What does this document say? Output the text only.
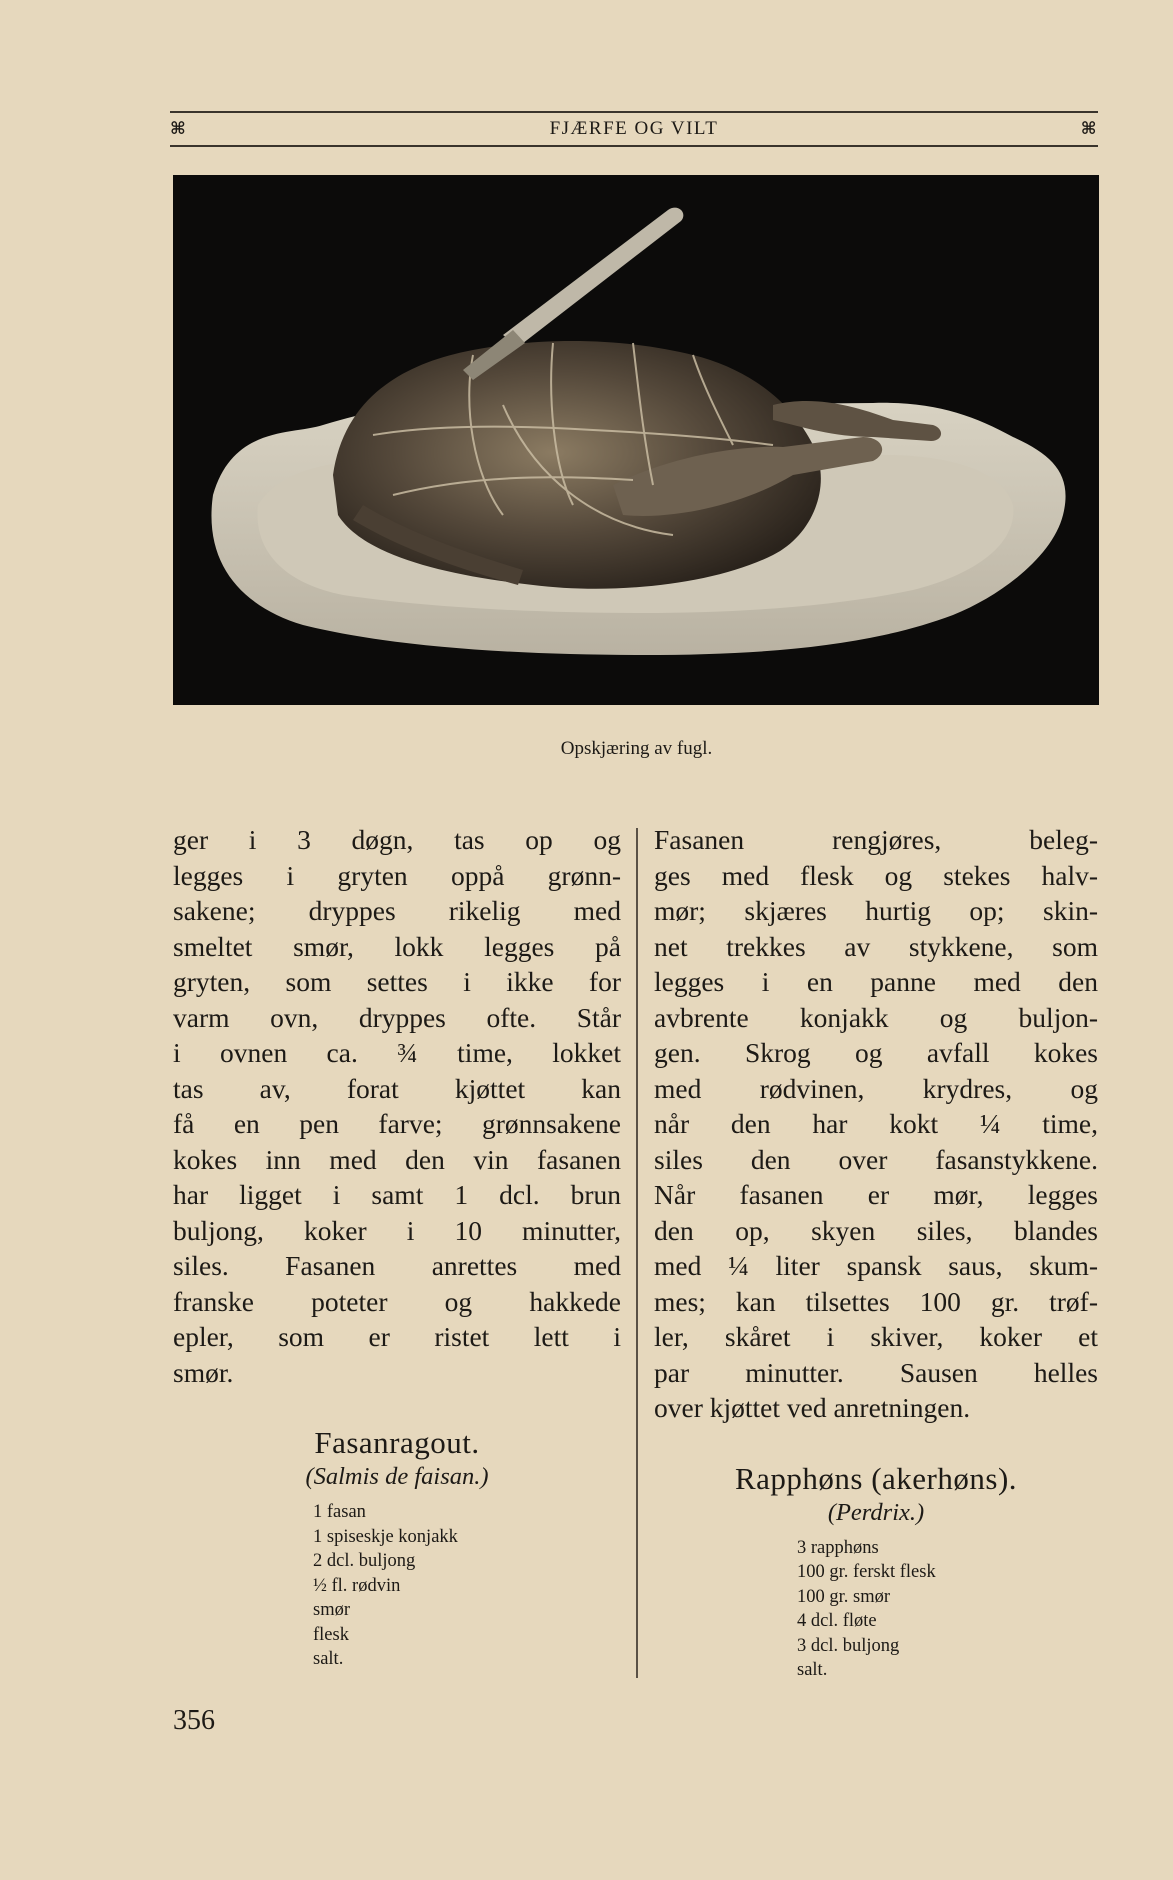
⌘	FJÆRFE OG VILT	⌘
Opskjæring av fugl.
ger i 3 døgn, tas op og
legges i gryten oppå grønn-
sakene; dryppes rikelig med
smeltet smør, lokk legges på
gryten, som settes i ikke for
varm ovn, dryppes ofte. Står
i ovnen ca. ¾ time, lokket
tas av, forat kjøttet kan
få en pen farve; grønnsakene
kokes inn med den vin fasanen
har ligget i samt 1 dcl. brun
buljong, koker i 10 minutter,
siles. Fasanen anrettes med
franske poteter og hakkede
epler, som er ristet lett i
smør.
Fasanragout.

(Salmis de faisan.)

1 fasan
1 spiseskje konjakk
2 dcl. buljong
½ fl. rødvin
smør
flesk
salt.
Fasanen rengjøres, beleg-
ges med flesk og stekes halv-
mør; skjæres hurtig op; skin-
net trekkes av stykkene, som
legges i en panne med den
avbrente konjakk og buljon-
gen. Skrog og avfall kokes
med rødvinen, krydres, og
når den har kokt ¼ time,
siles den over fasanstykkene.
Når fasanen er mør, legges
den op, skyen siles, blandes
med ¼ liter spansk saus, skum-
mes; kan tilsettes 100 gr. trøf-
ler, skåret i skiver, koker et
par minutter. Sausen helles
over kjøttet ved anretningen.
Rapphøns (akerhøns).

(Perdrix.)

3 rapphøns
100 gr. ferskt flesk
100 gr. smør
4 dcl. fløte
3 dcl. buljong
salt.
356
